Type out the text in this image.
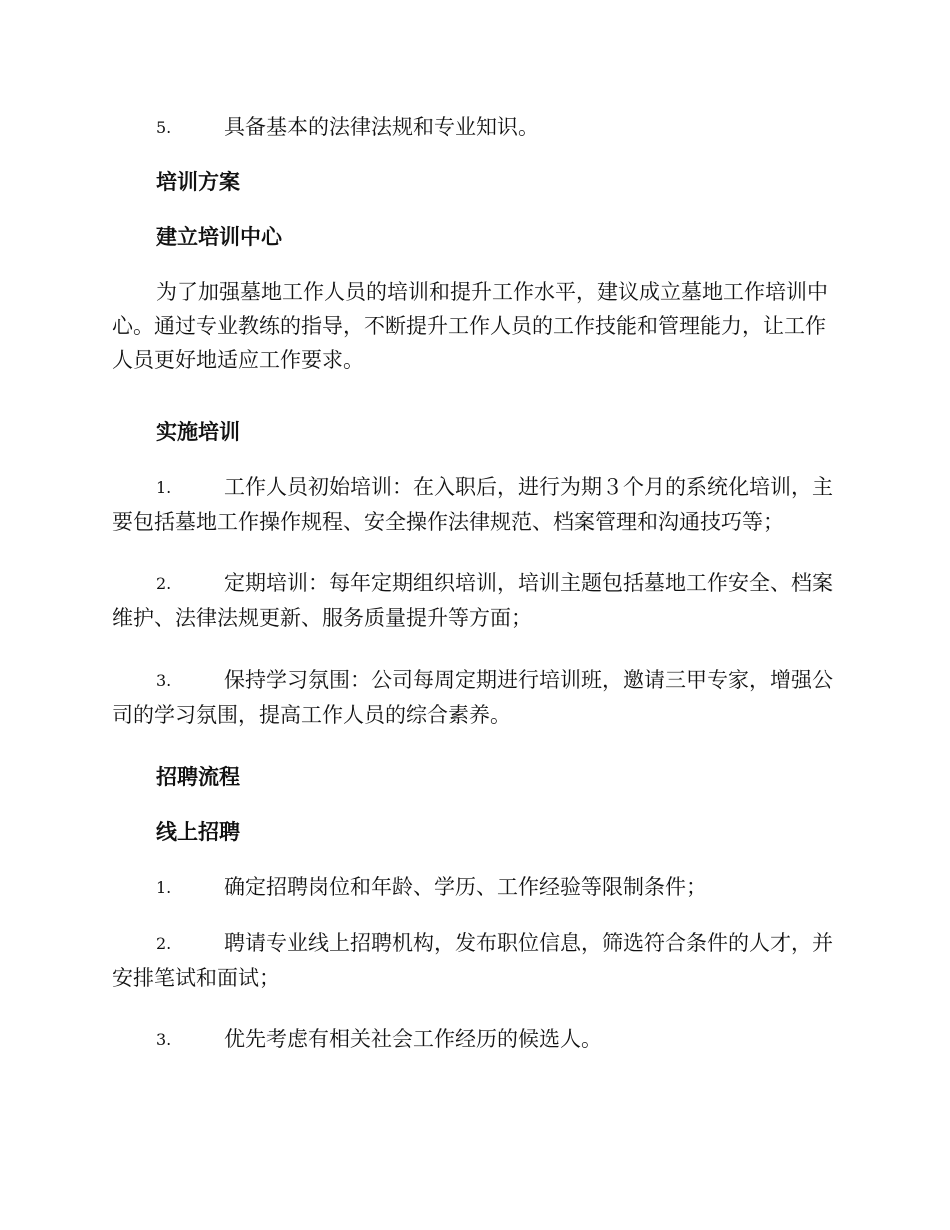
5.	具备基本的法律法规和专业知识。

培训方案

建立培训中心

为了加强墓地工作人员的培训和提升工作水平，建议成立墓地工作培训中心。通过专业教练的指导，不断提升工作人员的工作技能和管理能力，让工作人员更好地适应工作要求。

实施培训

1.	工作人员初始培训：在入职后，进行为期３个月的系统化培训，主要包括墓地工作操作规程、安全操作法律规范、档案管理和沟通技巧等；

2.	定期培训：每年定期组织培训，培训主题包括墓地工作安全、档案维护、法律法规更新、服务质量提升等方面；

3.	保持学习氛围：公司每周定期进行培训班，邀请三甲专家，增强公司的学习氛围，提高工作人员的综合素养。

招聘流程

线上招聘

1.	确定招聘岗位和年龄、学历、工作经验等限制条件；

2.	聘请专业线上招聘机构，发布职位信息，筛选符合条件的人才，并安排笔试和面试；

3.	优先考虑有相关社会工作经历的候选人。
